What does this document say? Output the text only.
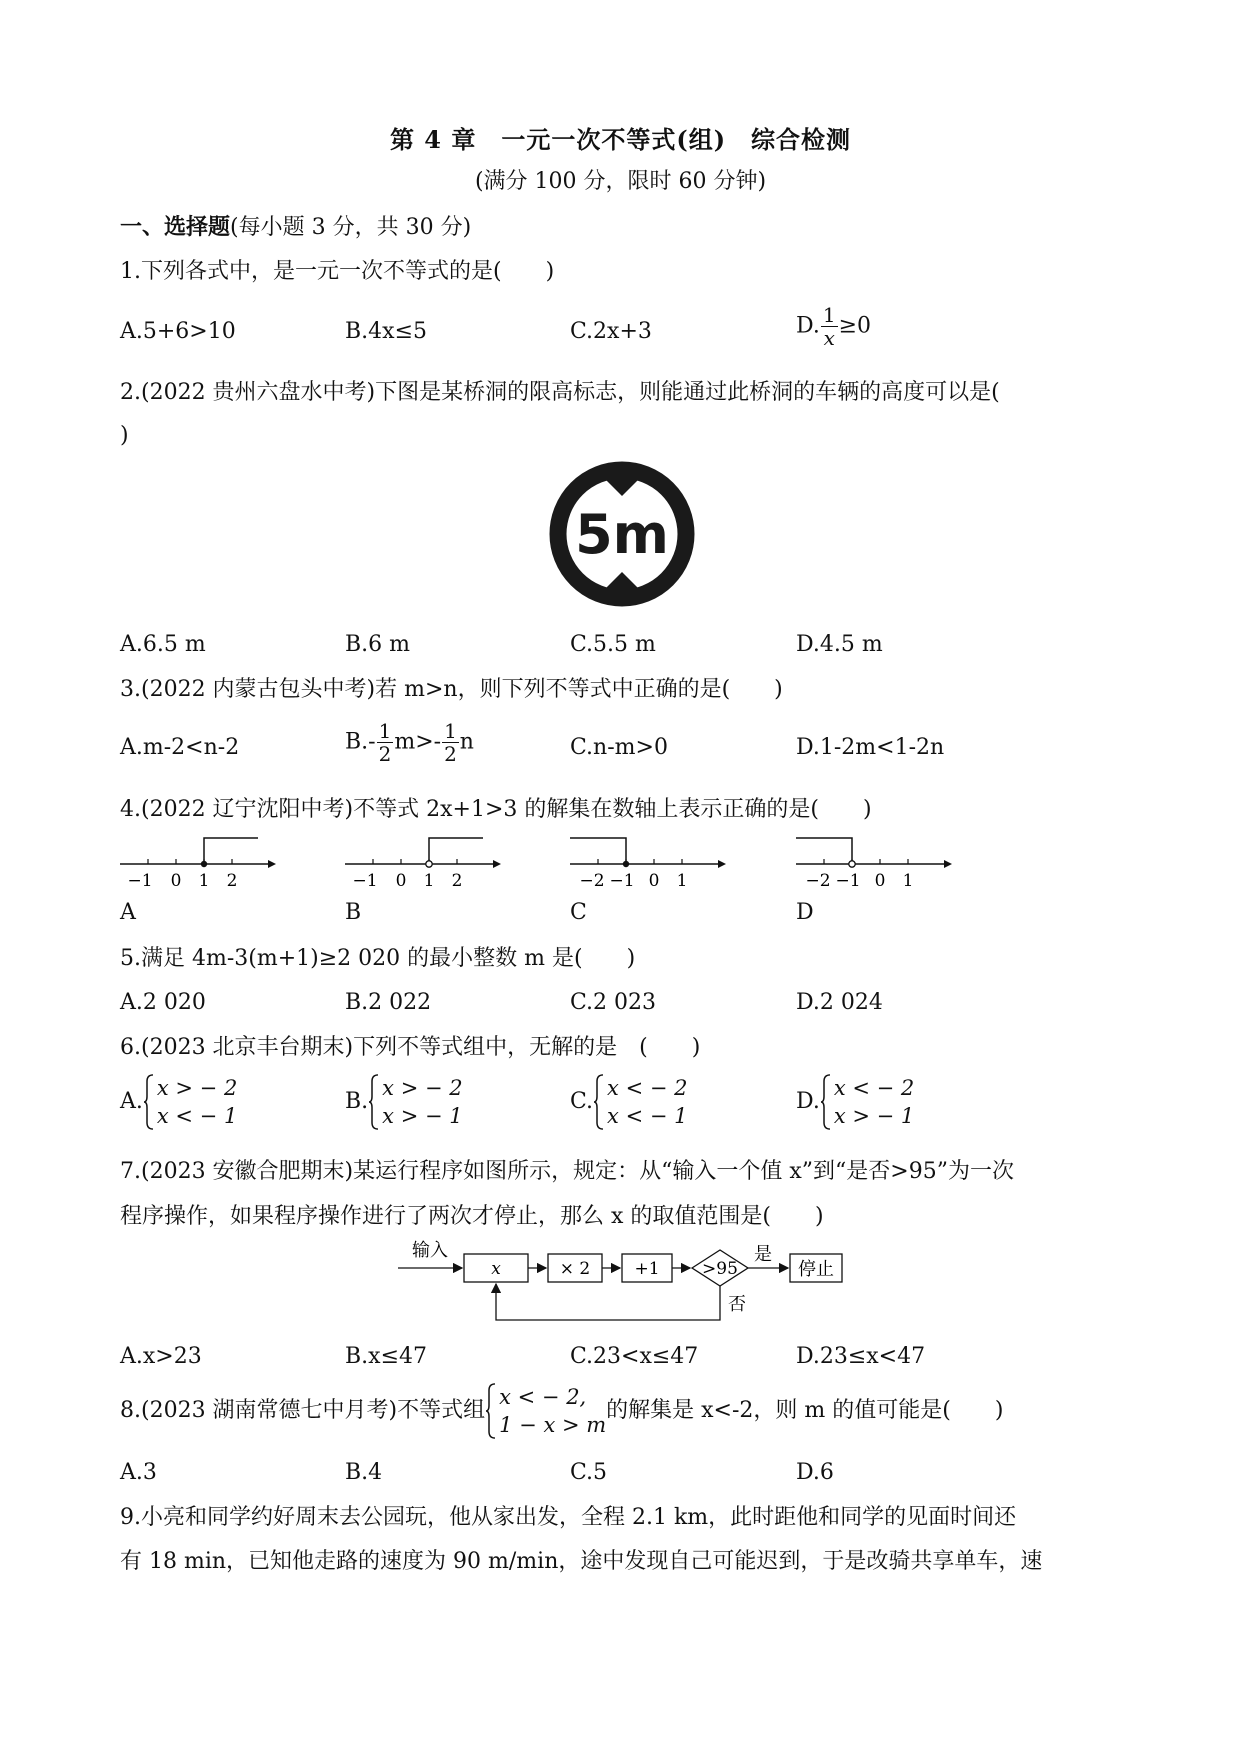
第 4 章　一元一次不等式(组)　综合检测
(满分 100 分，限时 60 分钟)
一、选择题(每小题 3 分，共 30 分)
1.下列各式中，是一元一次不等式的是(　　)
A.5+6>10	B.4x≤5	C.2x+3	D. $\frac{1}{x} \ge 0$
2.(2022 贵州六盘水中考)下图是某桥洞的限高标志，则能通过此桥洞的车辆的高度可以是(
)
5m
A.6.5 m	B.6 m	C.5.5 m	D.4.5 m
3.(2022 内蒙古包头中考)若 m>n，则下列不等式中正确的是(　　)
A.m-2<n-2	$B.- \frac{1}{2} m>- \frac{1}{2}$ n	C.n-m>0	D.1-2m<1-2n
4.(2022 辽宁沈阳中考)不等式 2x+1>3 的解集在数轴上表示正确的是(　　)
−1 0 1 2
A
−1 0 1 2
B
−2 −1 0 1
C
−2 −1 0 1
D
5.满足 4m-3(m+1)≥2 020 的最小整数 m 是(　　)
A.2 020	B.2 022	C.2 023	D.2 024
6.(2023 北京丰台期末)下列不等式组中，无解的是　(　　)
A.
x > − 2
x < − 1
B.
x > − 2
x > − 1
C.
x < − 2
x < − 1
D.
x < − 2
x > − 1
7.(2023 安徽合肥期末)某运行程序如图所示，规定：从“输入一个值 x”到“是否>95”为一次
程序操作，如果程序操作进行了两次才停止，那么 x 的取值范围是(　　)
输入
x	× 2	+1	>95
是
停止
否
A.x>23	B.x≤47	C.23<x≤47	D.23≤x<47
8.(2023 湖南常德七中月考)不等式组
x < − 2,
1 − x > m
的解集是 x<-2，则 m 的值可能是(　　)
A.3	B.4	C.5	D.6
9.小亮和同学约好周末去公园玩，他从家出发，全程 2.1 km，此时距他和同学的见面时间还
有 18 min，已知他走路的速度为 90 m/min，途中发现自己可能迟到，于是改骑共享单车，速
